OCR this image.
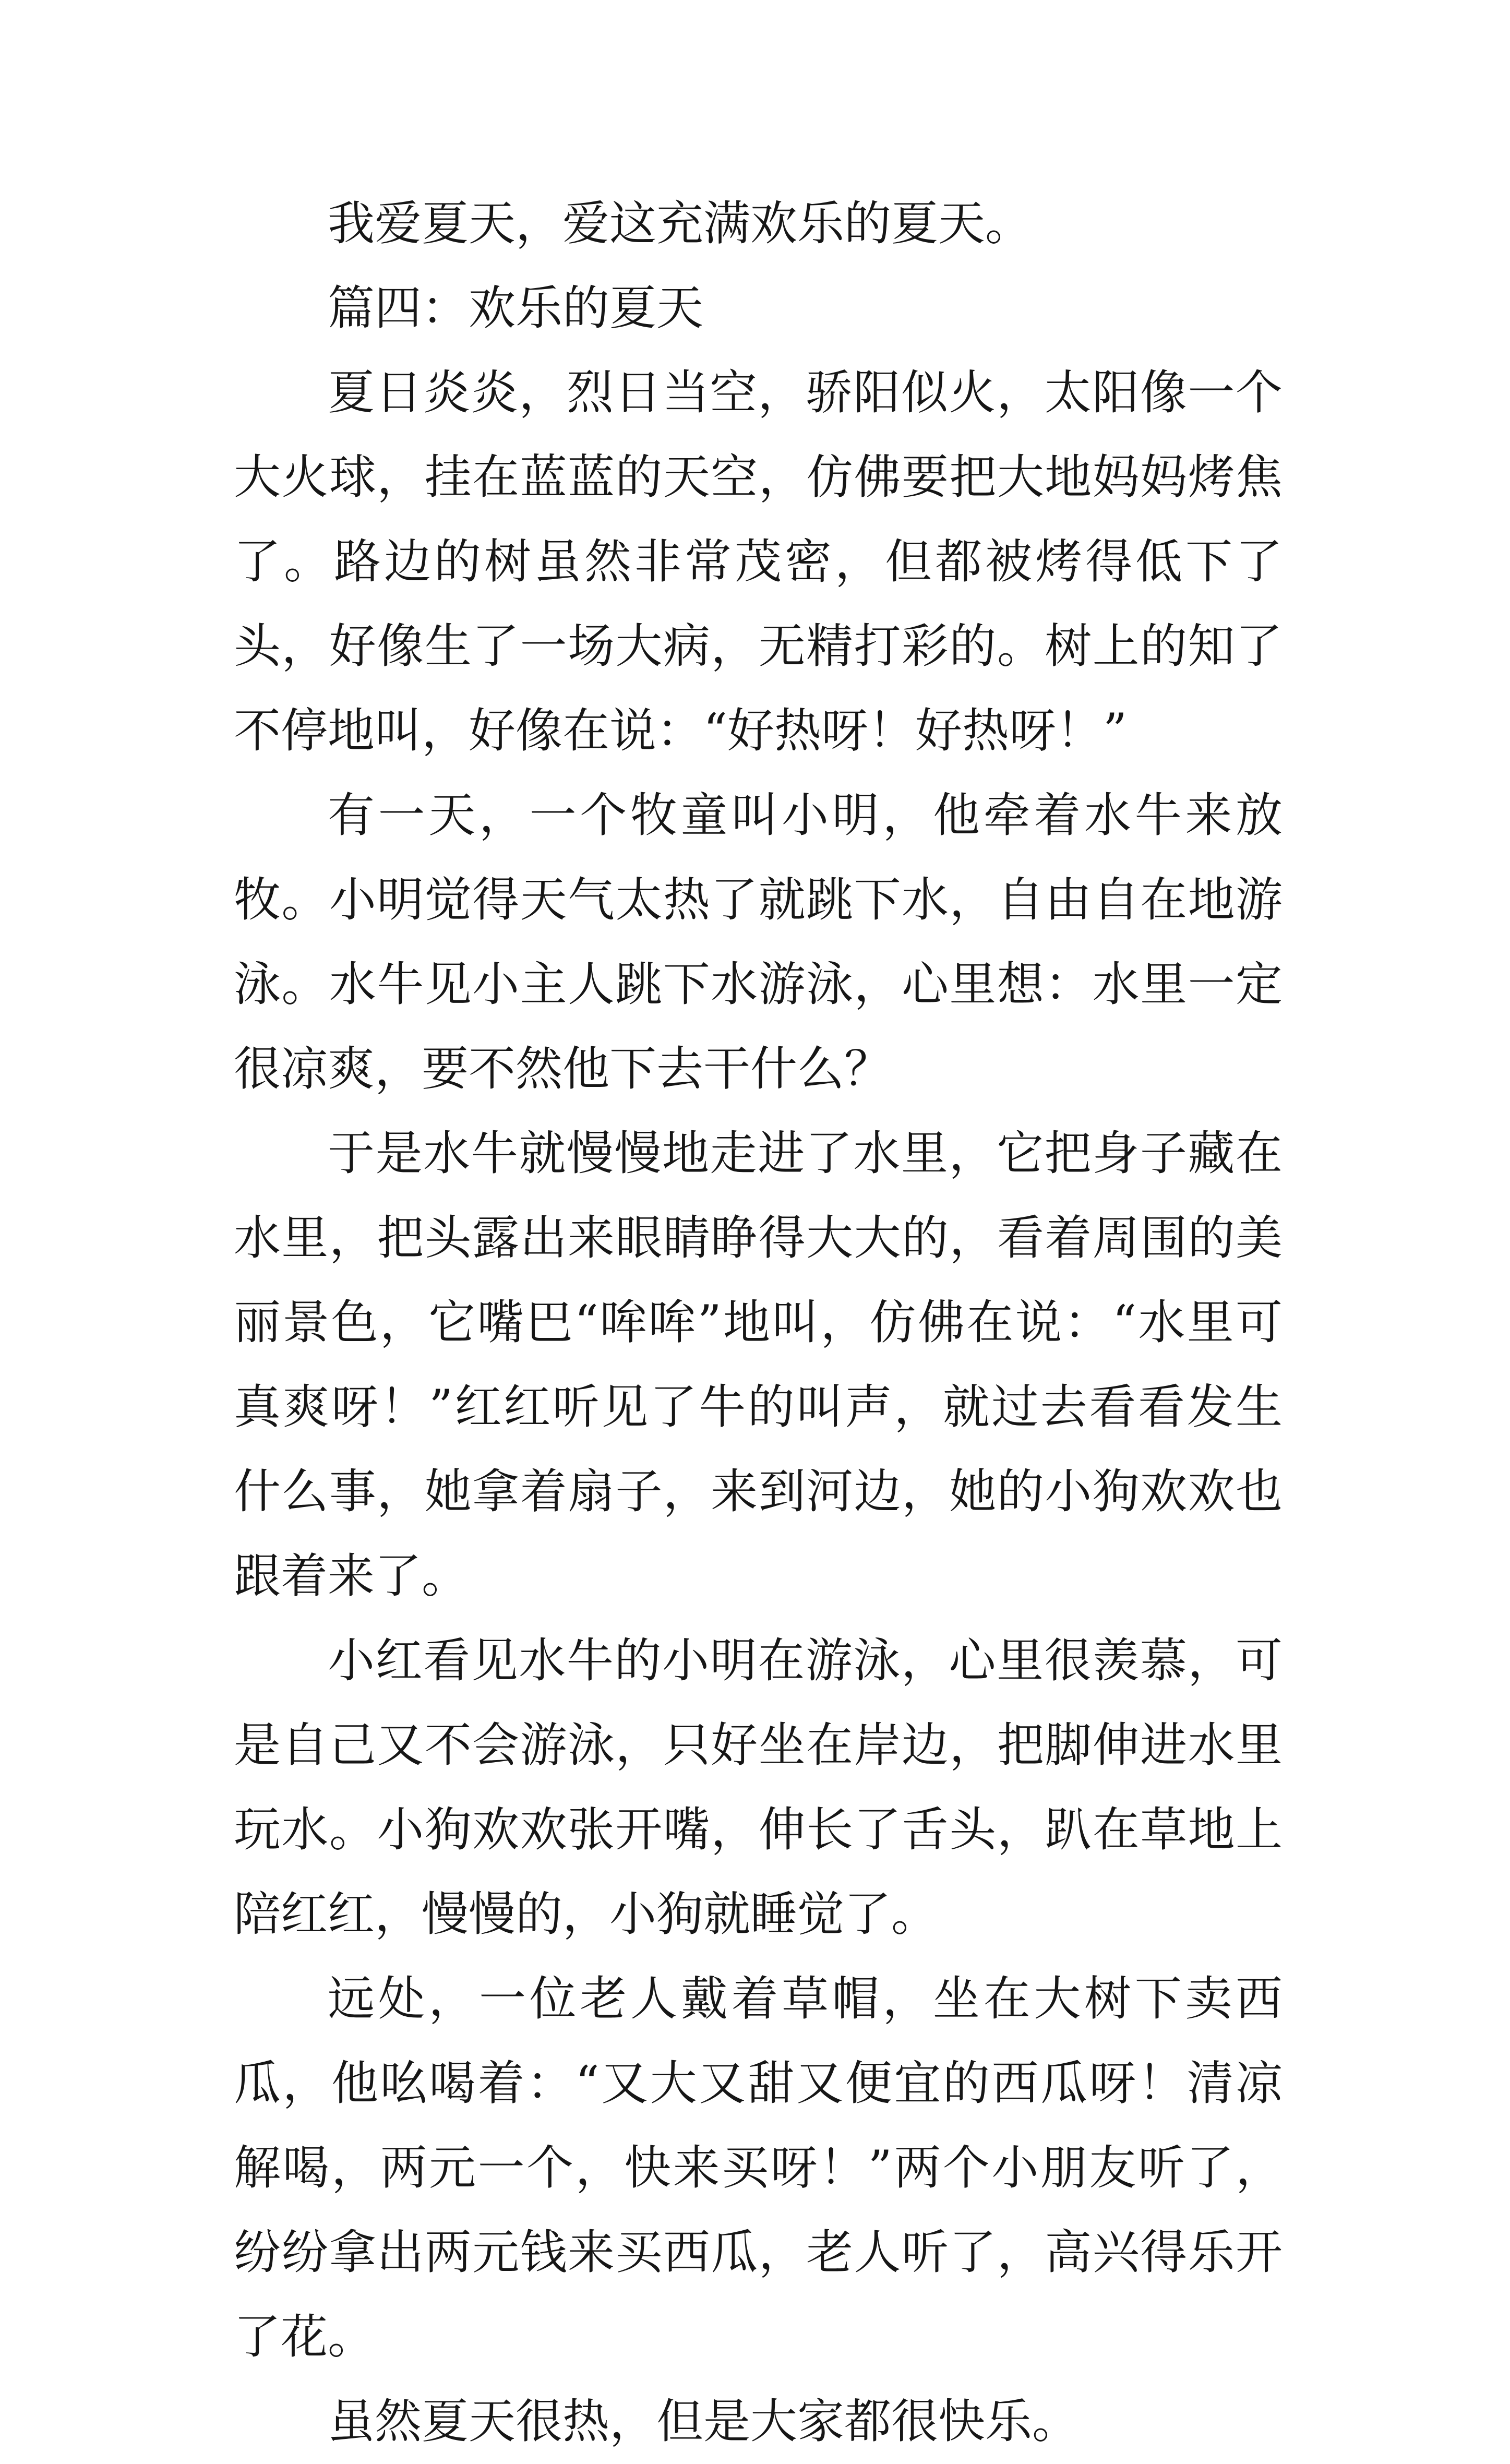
我爱夏天，爱这充满欢乐的夏天。

篇四：欢乐的夏天

夏日炎炎，烈日当空，骄阳似火，太阳像一个大火球，挂在蓝蓝的天空，仿佛要把大地妈妈烤焦了。路边的树虽然非常茂密，但都被烤得低下了头，好像生了一场大病，无精打彩的。树上的知了不停地叫，好像在说：“好热呀！好热呀！”

有一天，一个牧童叫小明，他牵着水牛来放牧。小明觉得天气太热了就跳下水，自由自在地游泳。水牛见小主人跳下水游泳，心里想：水里一定很凉爽，要不然他下去干什么？

于是水牛就慢慢地走进了水里，它把身子藏在水里，把头露出来眼睛睁得大大的，看着周围的美丽景色，它嘴巴“哞哞”地叫，仿佛在说：“水里可真爽呀！”红红听见了牛的叫声，就过去看看发生什么事，她拿着扇子，来到河边，她的小狗欢欢也跟着来了。

小红看见水牛的小明在游泳，心里很羡慕，可是自己又不会游泳，只好坐在岸边，把脚伸进水里玩水。小狗欢欢张开嘴，伸长了舌头，趴在草地上陪红红，慢慢的，小狗就睡觉了。

远处，一位老人戴着草帽，坐在大树下卖西瓜，他吆喝着：“又大又甜又便宜的西瓜呀！清凉解喝，两元一个，快来买呀！”两个小朋友听了，纷纷拿出两元钱来买西瓜，老人听了，高兴得乐开了花。

虽然夏天很热，但是大家都很快乐。
